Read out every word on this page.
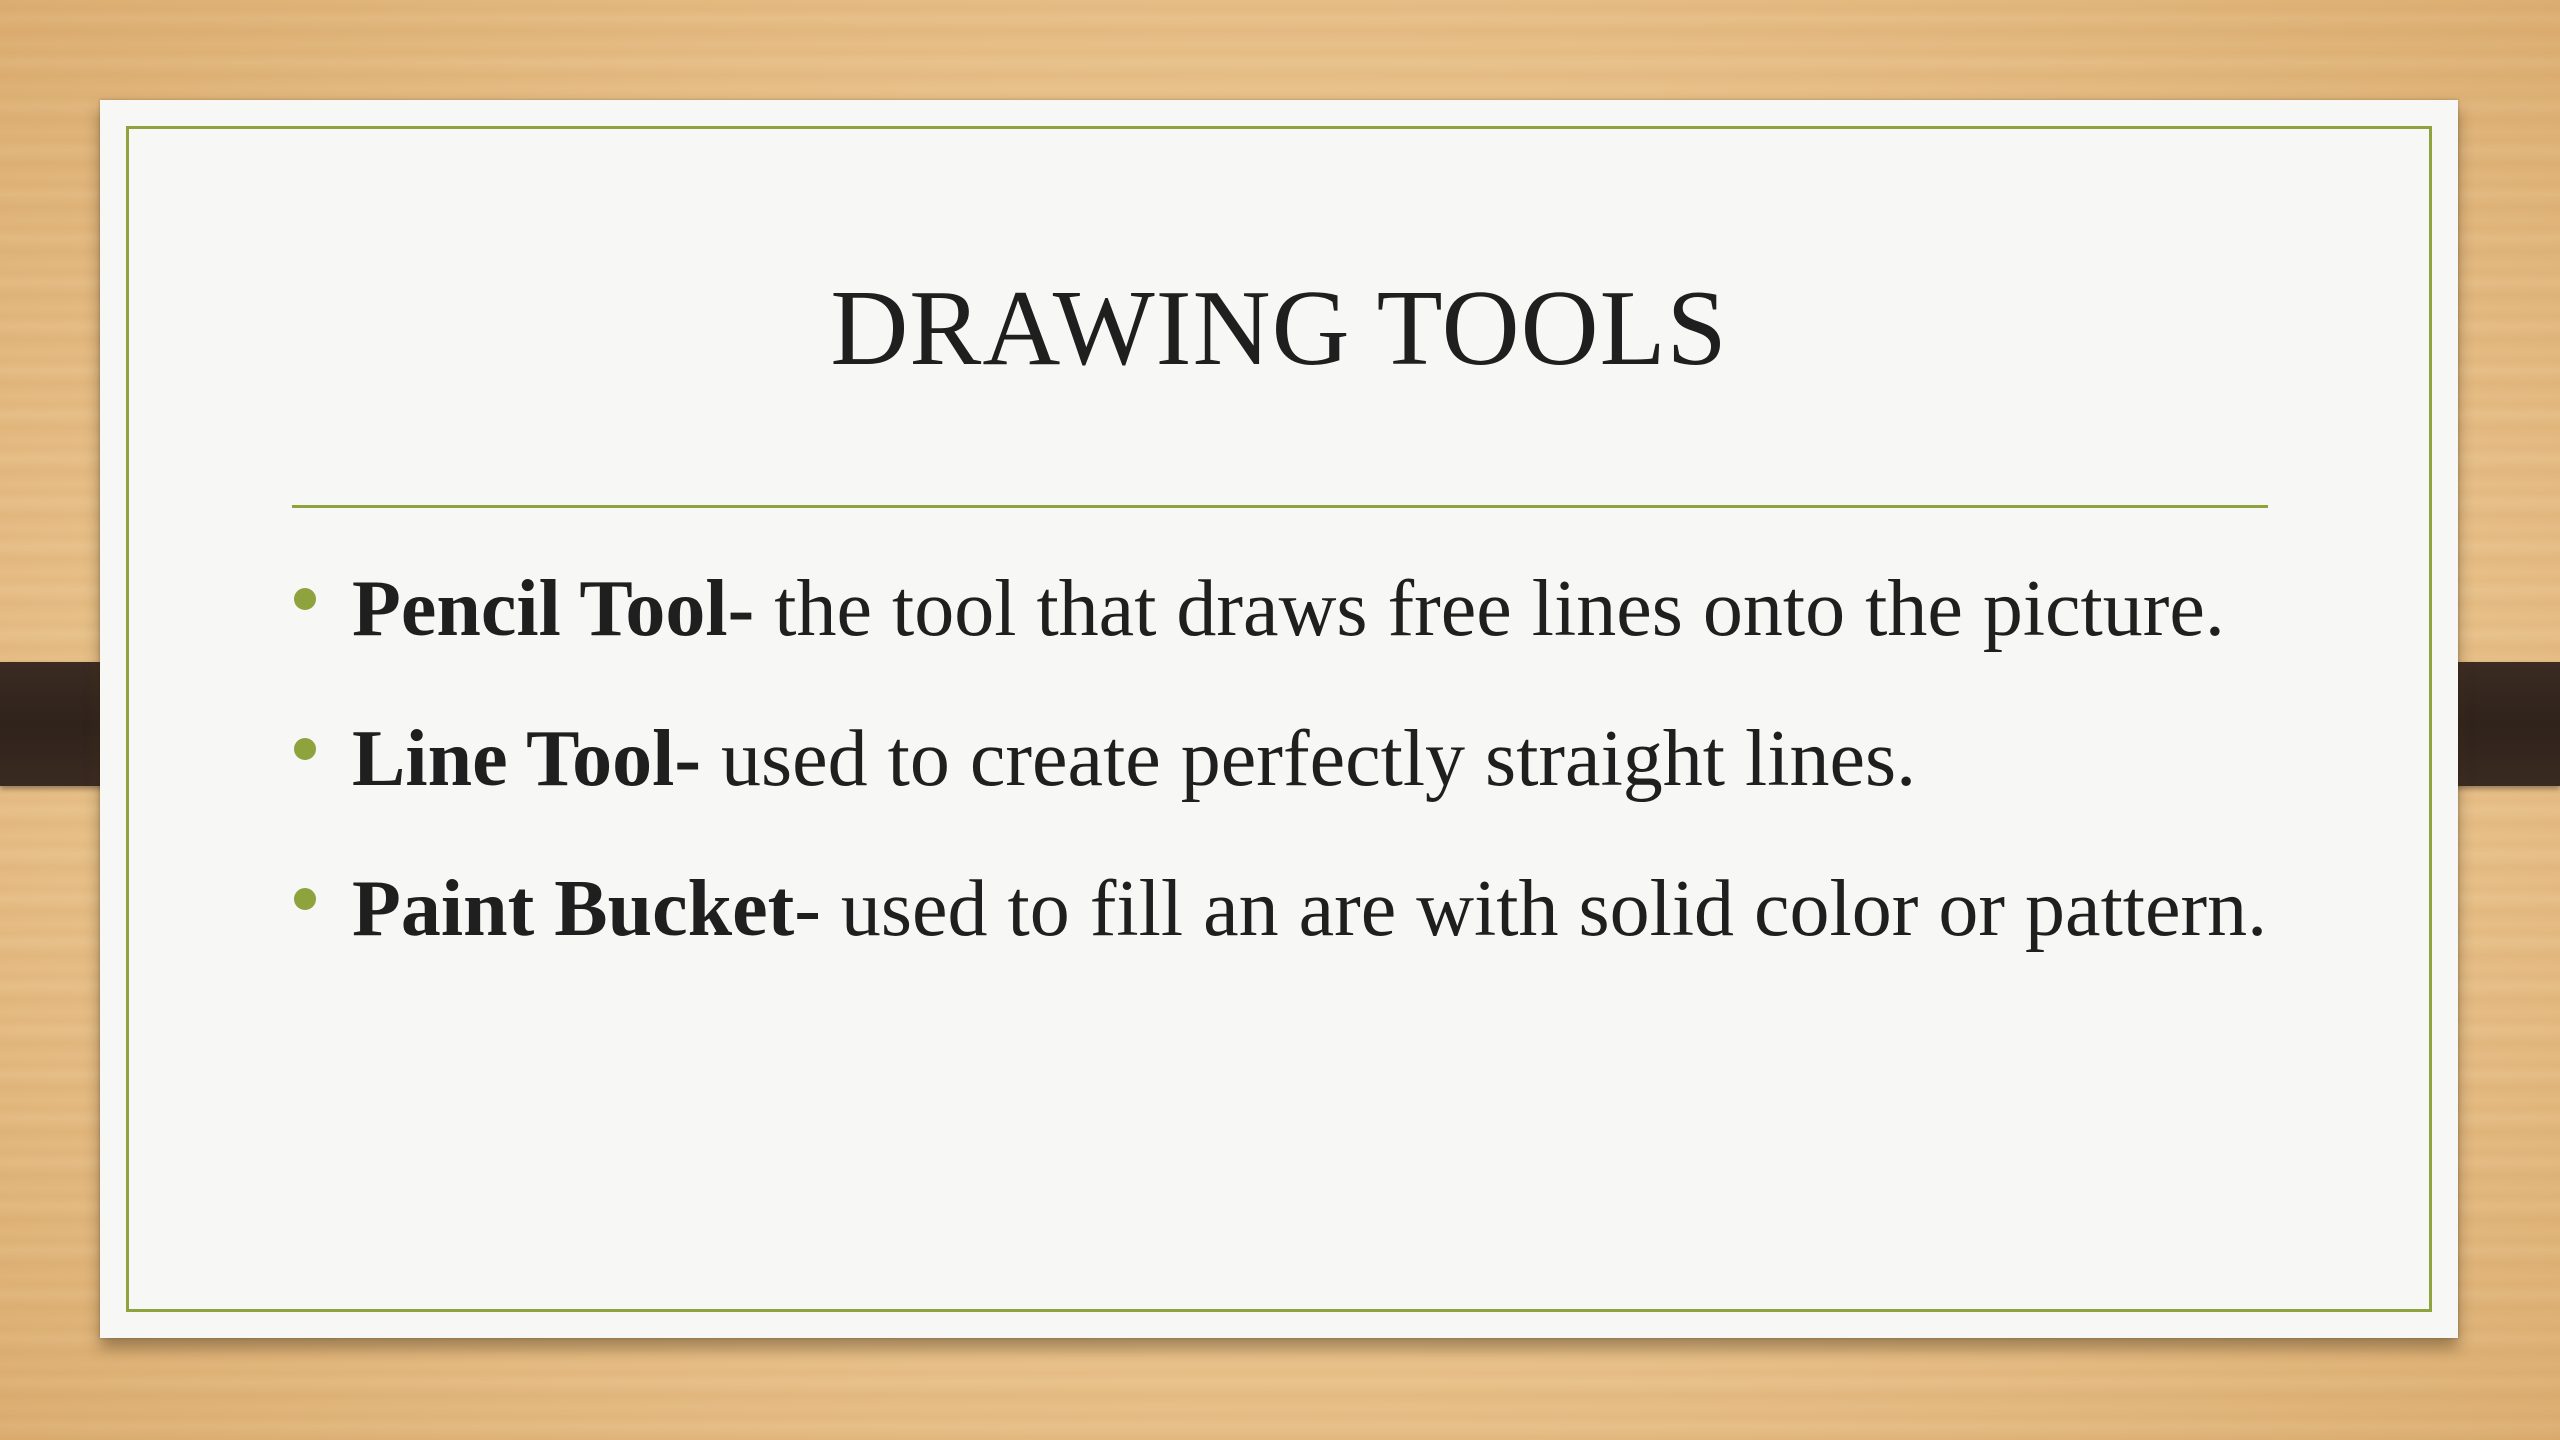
DRAWING TOOLS
Pencil Tool- the tool that draws free lines onto the picture.
Line Tool- used to create perfectly straight lines.
Paint Bucket- used to fill an are with solid color or pattern.
